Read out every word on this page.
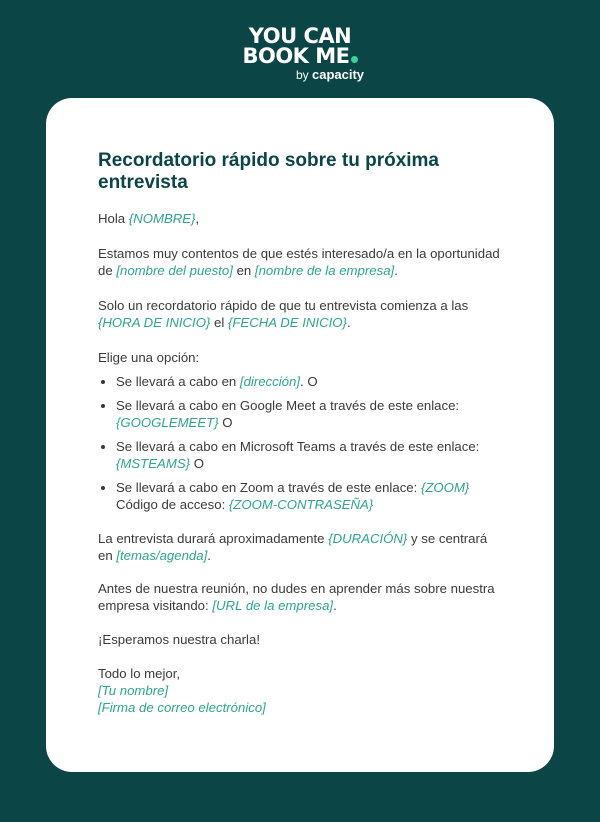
YOU CAN
BOOK ME
by capacity
Recordatorio rápido sobre tu próxima entrevista

Hola {NOMBRE},

Estamos muy contentos de que estés interesado/a en la oportunidad de [nombre del puesto] en [nombre de la empresa].

Solo un recordatorio rápido de que tu entrevista comienza a las {HORA DE INICIO} el {FECHA DE INICIO}.

Elige una opción:

• Se llevará a cabo en [dirección]. O
• Se llevará a cabo en Google Meet a través de este enlace: {GOOGLEMEET} O
• Se llevará a cabo en Microsoft Teams a través de este enlace: {MSTEAMS} O
• Se llevará a cabo en Zoom a través de este enlace: {ZOOM} Código de acceso: {ZOOM-CONTRASEÑA}

La entrevista durará aproximadamente {DURACIÓN} y se centrará en [temas/agenda].

Antes de nuestra reunión, no dudes en aprender más sobre nuestra empresa visitando: [URL de la empresa].

¡Esperamos nuestra charla!

Todo lo mejor,

[Tu nombre]

[Firma de correo electrónico]
